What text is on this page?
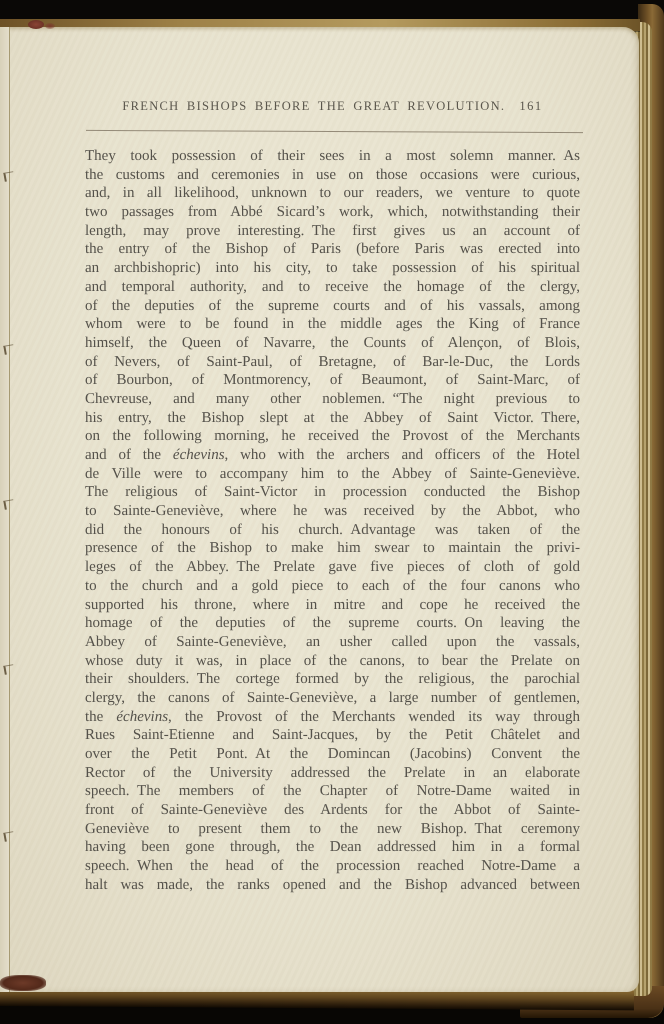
FRENCH BISHOPS BEFORE THE GREAT REVOLUTION. 161
They took possession of their sees in a most solemn manner. As
the customs and ceremonies in use on those occasions were curious,
and, in all likelihood, unknown to our readers, we venture to quote
two passages from Abbé Sicard’s work, which, notwithstanding their
length, may prove interesting. The first gives us an account of
the entry of the Bishop of Paris (before Paris was erected into
an archbishopric) into his city, to take possession of his spiritual
and temporal authority, and to receive the homage of the clergy,
of the deputies of the supreme courts and of his vassals, among
whom were to be found in the middle ages the King of France
himself, the Queen of Navarre, the Counts of Alençon, of Blois,
of Nevers, of Saint-Paul, of Bretagne, of Bar-le-Duc, the Lords
of Bourbon, of Montmorency, of Beaumont, of Saint-Marc, of
Chevreuse, and many other noblemen. “The night previous to
his entry, the Bishop slept at the Abbey of Saint Victor. There,
on the following morning, he received the Provost of the Merchants
and of the échevins, who with the archers and officers of the Hotel
de Ville were to accompany him to the Abbey of Sainte-Geneviève.
The religious of Saint-Victor in procession conducted the Bishop
to Sainte-Geneviève, where he was received by the Abbot, who
did the honours of his church. Advantage was taken of the
presence of the Bishop to make him swear to maintain the privi-
leges of the Abbey. The Prelate gave five pieces of cloth of gold
to the church and a gold piece to each of the four canons who
supported his throne, where in mitre and cope he received the
homage of the deputies of the supreme courts. On leaving the
Abbey of Sainte-Geneviève, an usher called upon the vassals,
whose duty it was, in place of the canons, to bear the Prelate on
their shoulders. The cortege formed by the religious, the parochial
clergy, the canons of Sainte-Geneviève, a large number of gentlemen,
the échevins, the Provost of the Merchants wended its way through
Rues Saint-Etienne and Saint-Jacques, by the Petit Châtelet and
over the Petit Pont. At the Domincan (Jacobins) Convent the
Rector of the University addressed the Prelate in an elaborate
speech. The members of the Chapter of Notre-Dame waited in
front of Sainte-Geneviève des Ardents for the Abbot of Sainte-
Geneviève to present them to the new Bishop. That ceremony
having been gone through, the Dean addressed him in a formal
speech. When the head of the procession reached Notre-Dame a
halt was made, the ranks opened and the Bishop advanced between
